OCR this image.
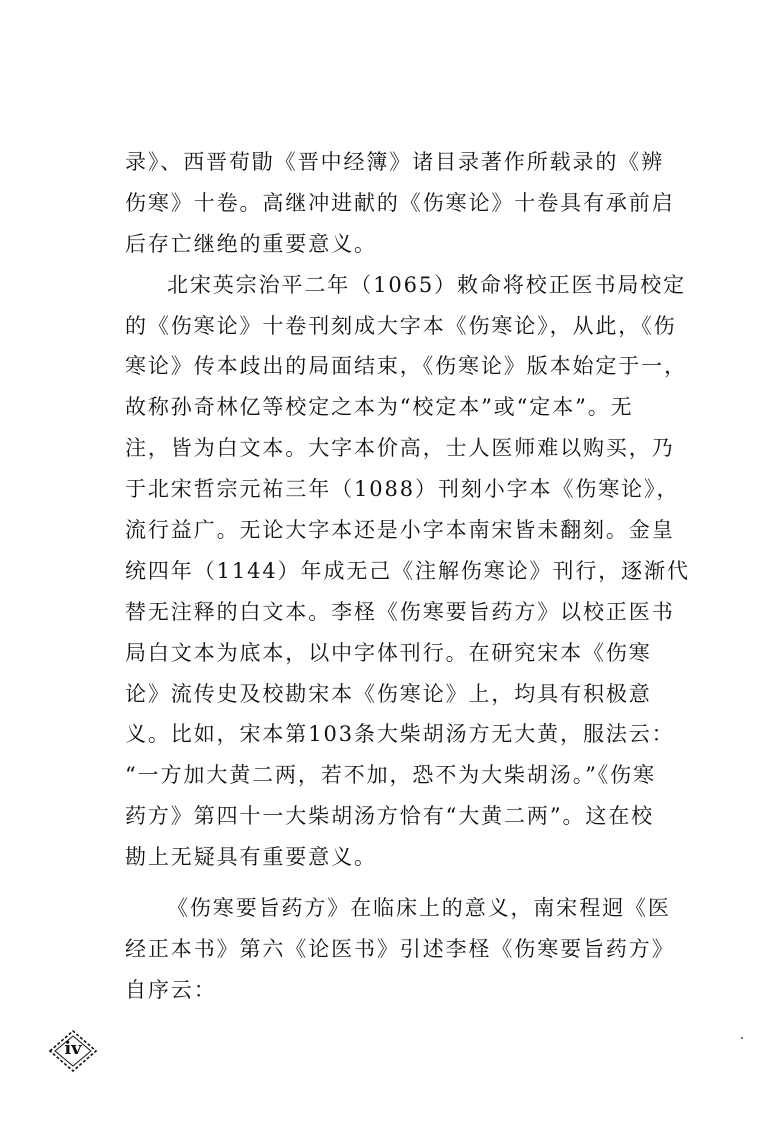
录》、西晋荀勖《晋中经簿》诸目录著作所载录的《辨
伤寒》十卷。高继冲进献的《伤寒论》十卷具有承前启
后存亡继绝的重要意义。
北宋英宗治平二年（1065）敕命将校正医书局校定
的《伤寒论》十卷刊刻成大字本《伤寒论》，从此，《伤
寒论》传本歧出的局面结束，《伤寒论》版本始定于一，
故称孙奇林亿等校定之本为“校定本”或“定本”。无
注，皆为白文本。大字本价高，士人医师难以购买，乃
于北宋哲宗元祐三年（1088）刊刻小字本《伤寒论》，
流行益广。无论大字本还是小字本南宋皆未翻刻。金皇
统四年（1144）年成无己《注解伤寒论》刊行，逐渐代
替无注释的白文本。李柽《伤寒要旨药方》以校正医书
局白文本为底本，以中字体刊行。在研究宋本《伤寒
论》流传史及校勘宋本《伤寒论》上，均具有积极意
义。比如，宋本第103条大柴胡汤方无大黄，服法云：
“一方加大黄二两，若不加，恐不为大柴胡汤。”《伤寒
药方》第四十一大柴胡汤方恰有“大黄二两”。这在校
勘上无疑具有重要意义。
《伤寒要旨药方》在临床上的意义，南宋程迥《医
经正本书》第六《论医书》引述李柽《伤寒要旨药方》
自序云：
iv
